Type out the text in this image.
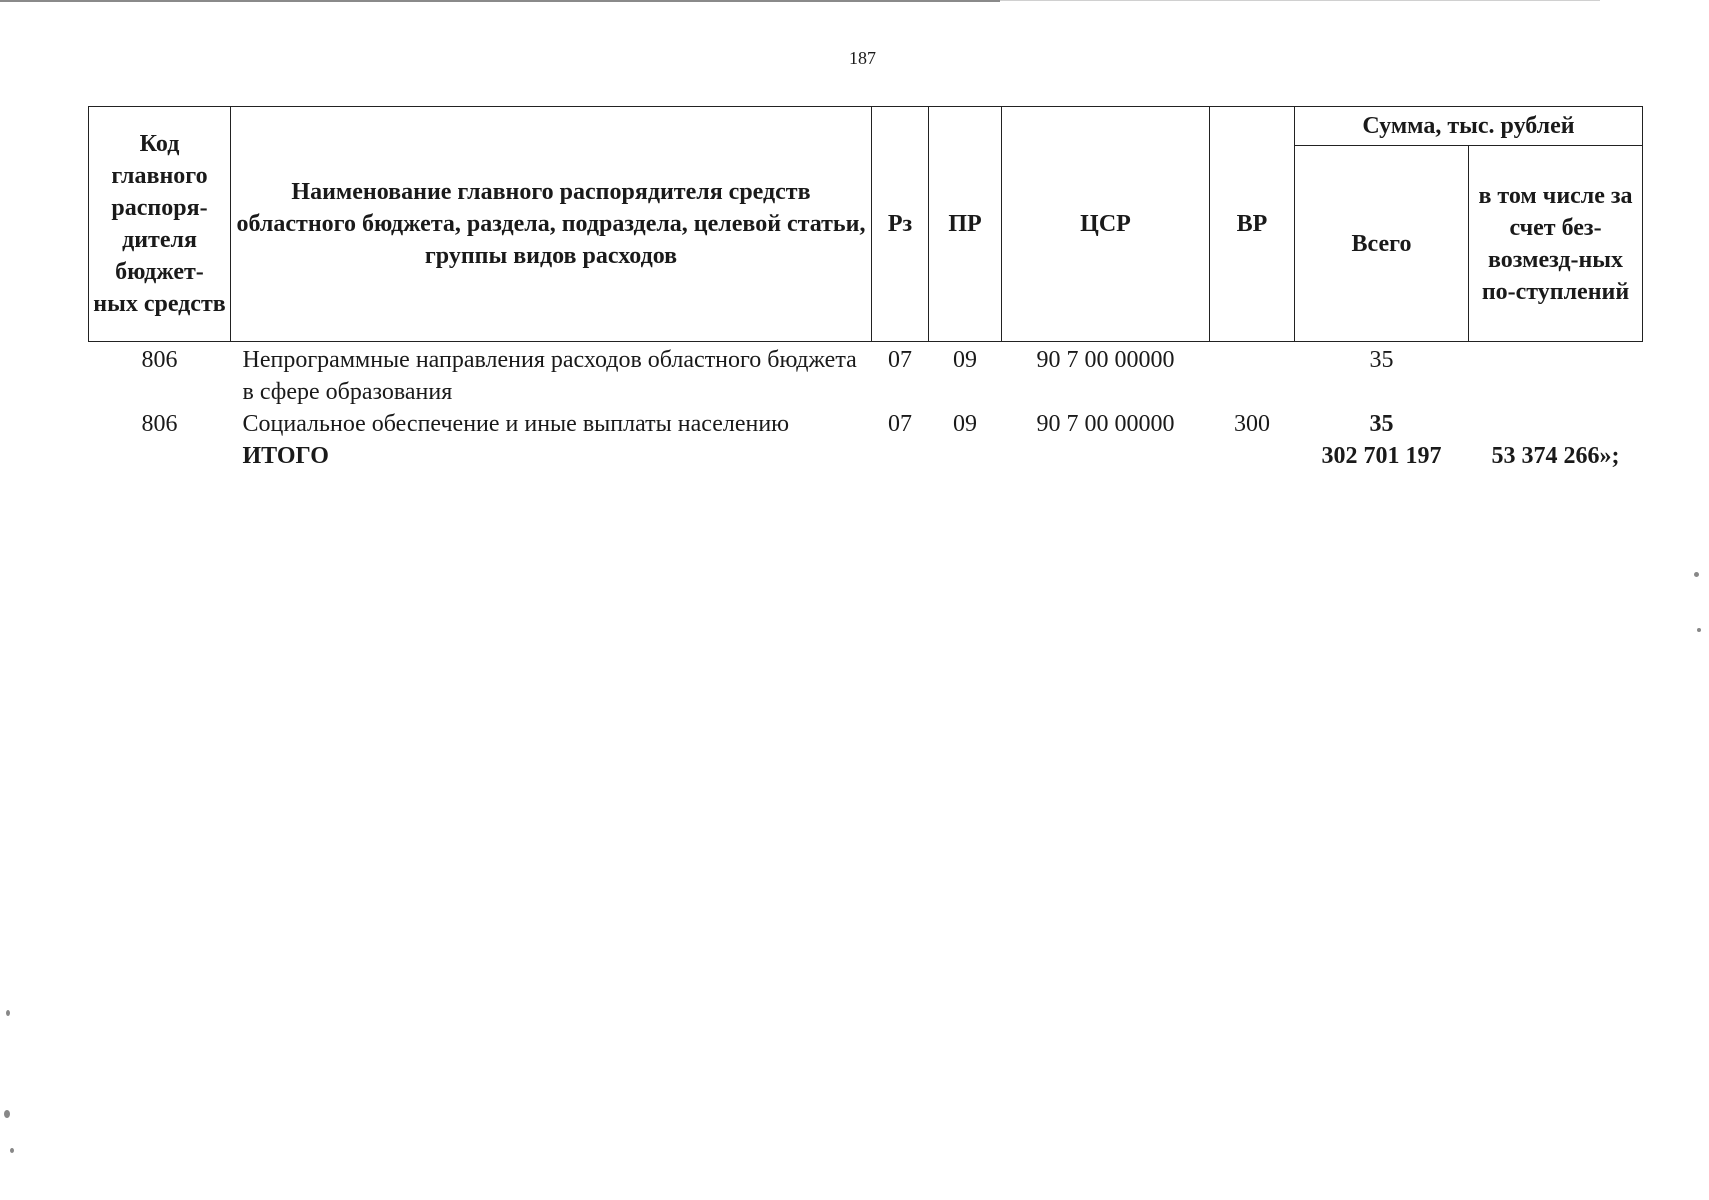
187
Код главного распоря-дителя бюджет-ных средств	Наименование главного распорядителя средств областного бюджета, раздела, подраздела, целевой статьи, группы видов расходов	Рз	ПР	ЦСР	ВР	Сумма, тыс. рублей	
						Всего	в том числе за счет без-возмезд-ных по-ступлений
806	Непрограммные направления расходов областного бюджета в сфере образования	07	09	90 7 00 00000		35	
806	Социальное обеспечение и иные выплаты населению	07	09	90 7 00 00000	300	35	
	ИТОГО					302 701 197	53 374 266»;
